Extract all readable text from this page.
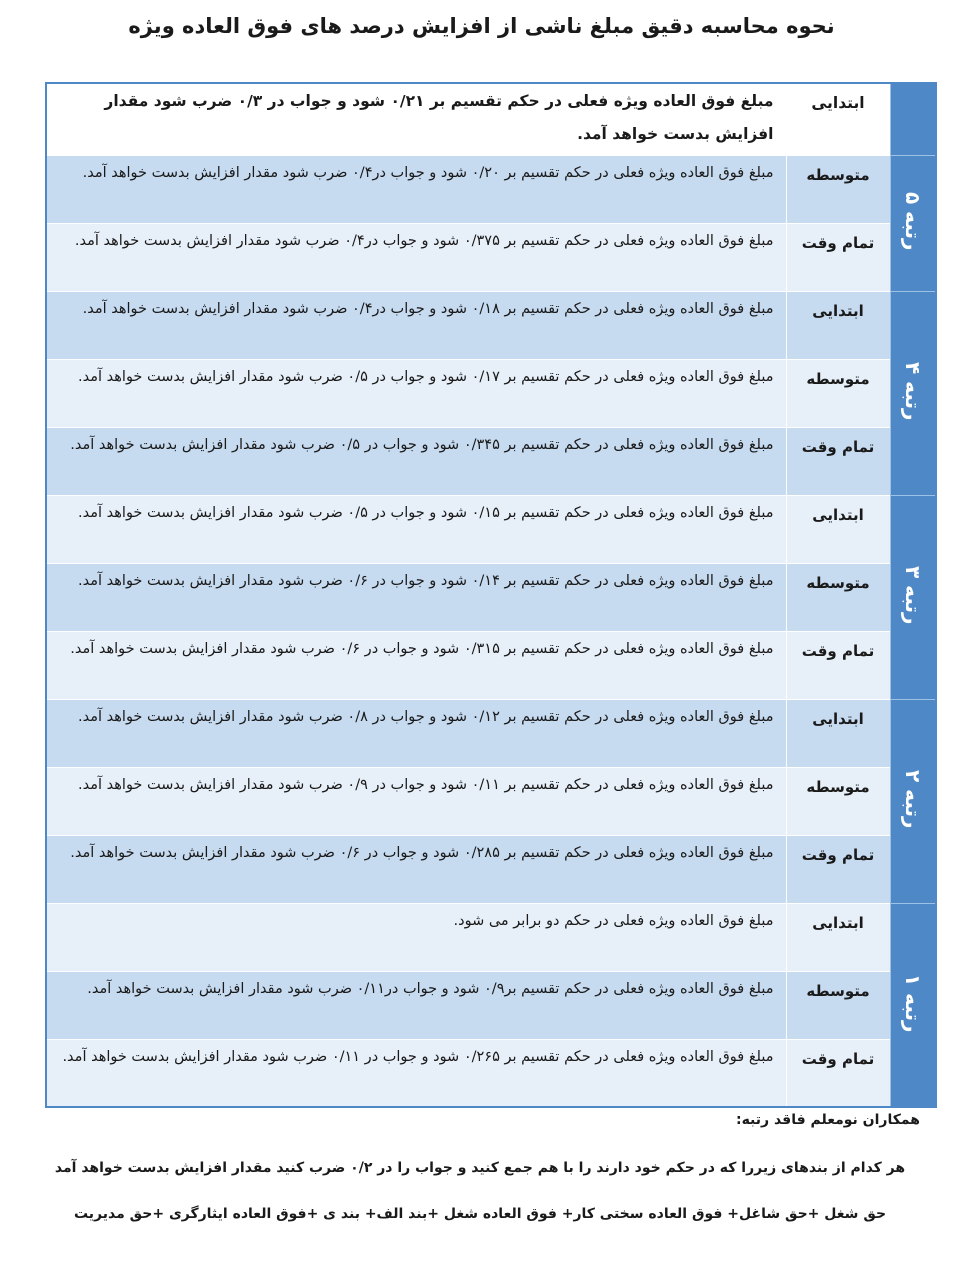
نحوه محاسبه دقیق مبلغ ناشی از افزایش درصد های فوق العاده ویژه
	ابتدایی	مبلغ فوق العاده ویژه فعلی در حکم تقسیم بر ۰/۲۱ شود و جواب در ۰/۳ ضرب شود مقدار افزایش بدست خواهد آمد.
رتبه ۵	متوسطه	مبلغ فوق العاده ویژه فعلی در حکم تقسیم بر ۰/۲۰ شود و جواب در۰/۴ ضرب شود مقدار افزایش بدست خواهد آمد.
	تمام وقت	مبلغ فوق العاده ویژه فعلی در حکم تقسیم بر ۰/۳۷۵ شود و جواب در۰/۴ ضرب شود مقدار افزایش بدست خواهد آمد.
رتبه ۴	ابتدایی	مبلغ فوق العاده ویژه فعلی در حکم تقسیم بر ۰/۱۸ شود و جواب در۰/۴ ضرب شود مقدار افزایش بدست خواهد آمد.
	متوسطه	مبلغ فوق العاده ویژه فعلی در حکم تقسیم بر ۰/۱۷ شود و جواب در ۰/۵ ضرب شود مقدار افزایش بدست خواهد آمد.
	تمام وقت	مبلغ فوق العاده ویژه فعلی در حکم تقسیم بر ۰/۳۴۵ شود و جواب در ۰/۵ ضرب شود مقدار افزایش بدست خواهد آمد.
رتبه ۳	ابتدایی	مبلغ فوق العاده ویژه فعلی در حکم تقسیم بر ۰/۱۵ شود و جواب در ۰/۵ ضرب شود مقدار افزایش بدست خواهد آمد.
	متوسطه	مبلغ فوق العاده ویژه فعلی در حکم تقسیم بر ۰/۱۴ شود و جواب در ۰/۶ ضرب شود مقدار افزایش بدست خواهد آمد.
	تمام وقت	مبلغ فوق العاده ویژه فعلی در حکم تقسیم بر ۰/۳۱۵ شود و جواب در ۰/۶ ضرب شود مقدار افزایش بدست خواهد آمد.
رتبه ۲	ابتدایی	مبلغ فوق العاده ویژه فعلی در حکم تقسیم بر ۰/۱۲ شود و جواب در ۰/۸ ضرب شود مقدار افزایش بدست خواهد آمد.
	متوسطه	مبلغ فوق العاده ویژه فعلی در حکم تقسیم بر ۰/۱۱ شود و جواب در ۰/۹ ضرب شود مقدار افزایش بدست خواهد آمد.
	تمام وقت	مبلغ فوق العاده ویژه فعلی در حکم تقسیم بر ۰/۲۸۵ شود و جواب در ۰/۶ ضرب شود مقدار افزایش بدست خواهد آمد.
رتبه ۱	ابتدایی	مبلغ فوق العاده ویژه فعلی در حکم دو برابر می شود.
	متوسطه	مبلغ فوق العاده ویژه فعلی در حکم تقسیم بر۰/۹ شود و جواب در۰/۱۱ ضرب شود مقدار افزایش بدست خواهد آمد.
	تمام وقت	مبلغ فوق العاده ویژه فعلی در حکم تقسیم بر ۰/۲۶۵ شود و جواب در ۰/۱۱ ضرب شود مقدار افزایش بدست خواهد آمد.

همکاران نومعلم فاقد رتبه:

هر کدام از بندهای زیررا که در حکم خود دارند را با هم جمع کنید و جواب را در ۰/۲ ضرب کنید مقدار افزایش بدست خواهد آمد

حق شغل +حق شاغل+ فوق العاده سختی کار+ فوق العاده شغل +بند الف+ بند ی +فوق العاده ایثارگری +حق مدیریت
